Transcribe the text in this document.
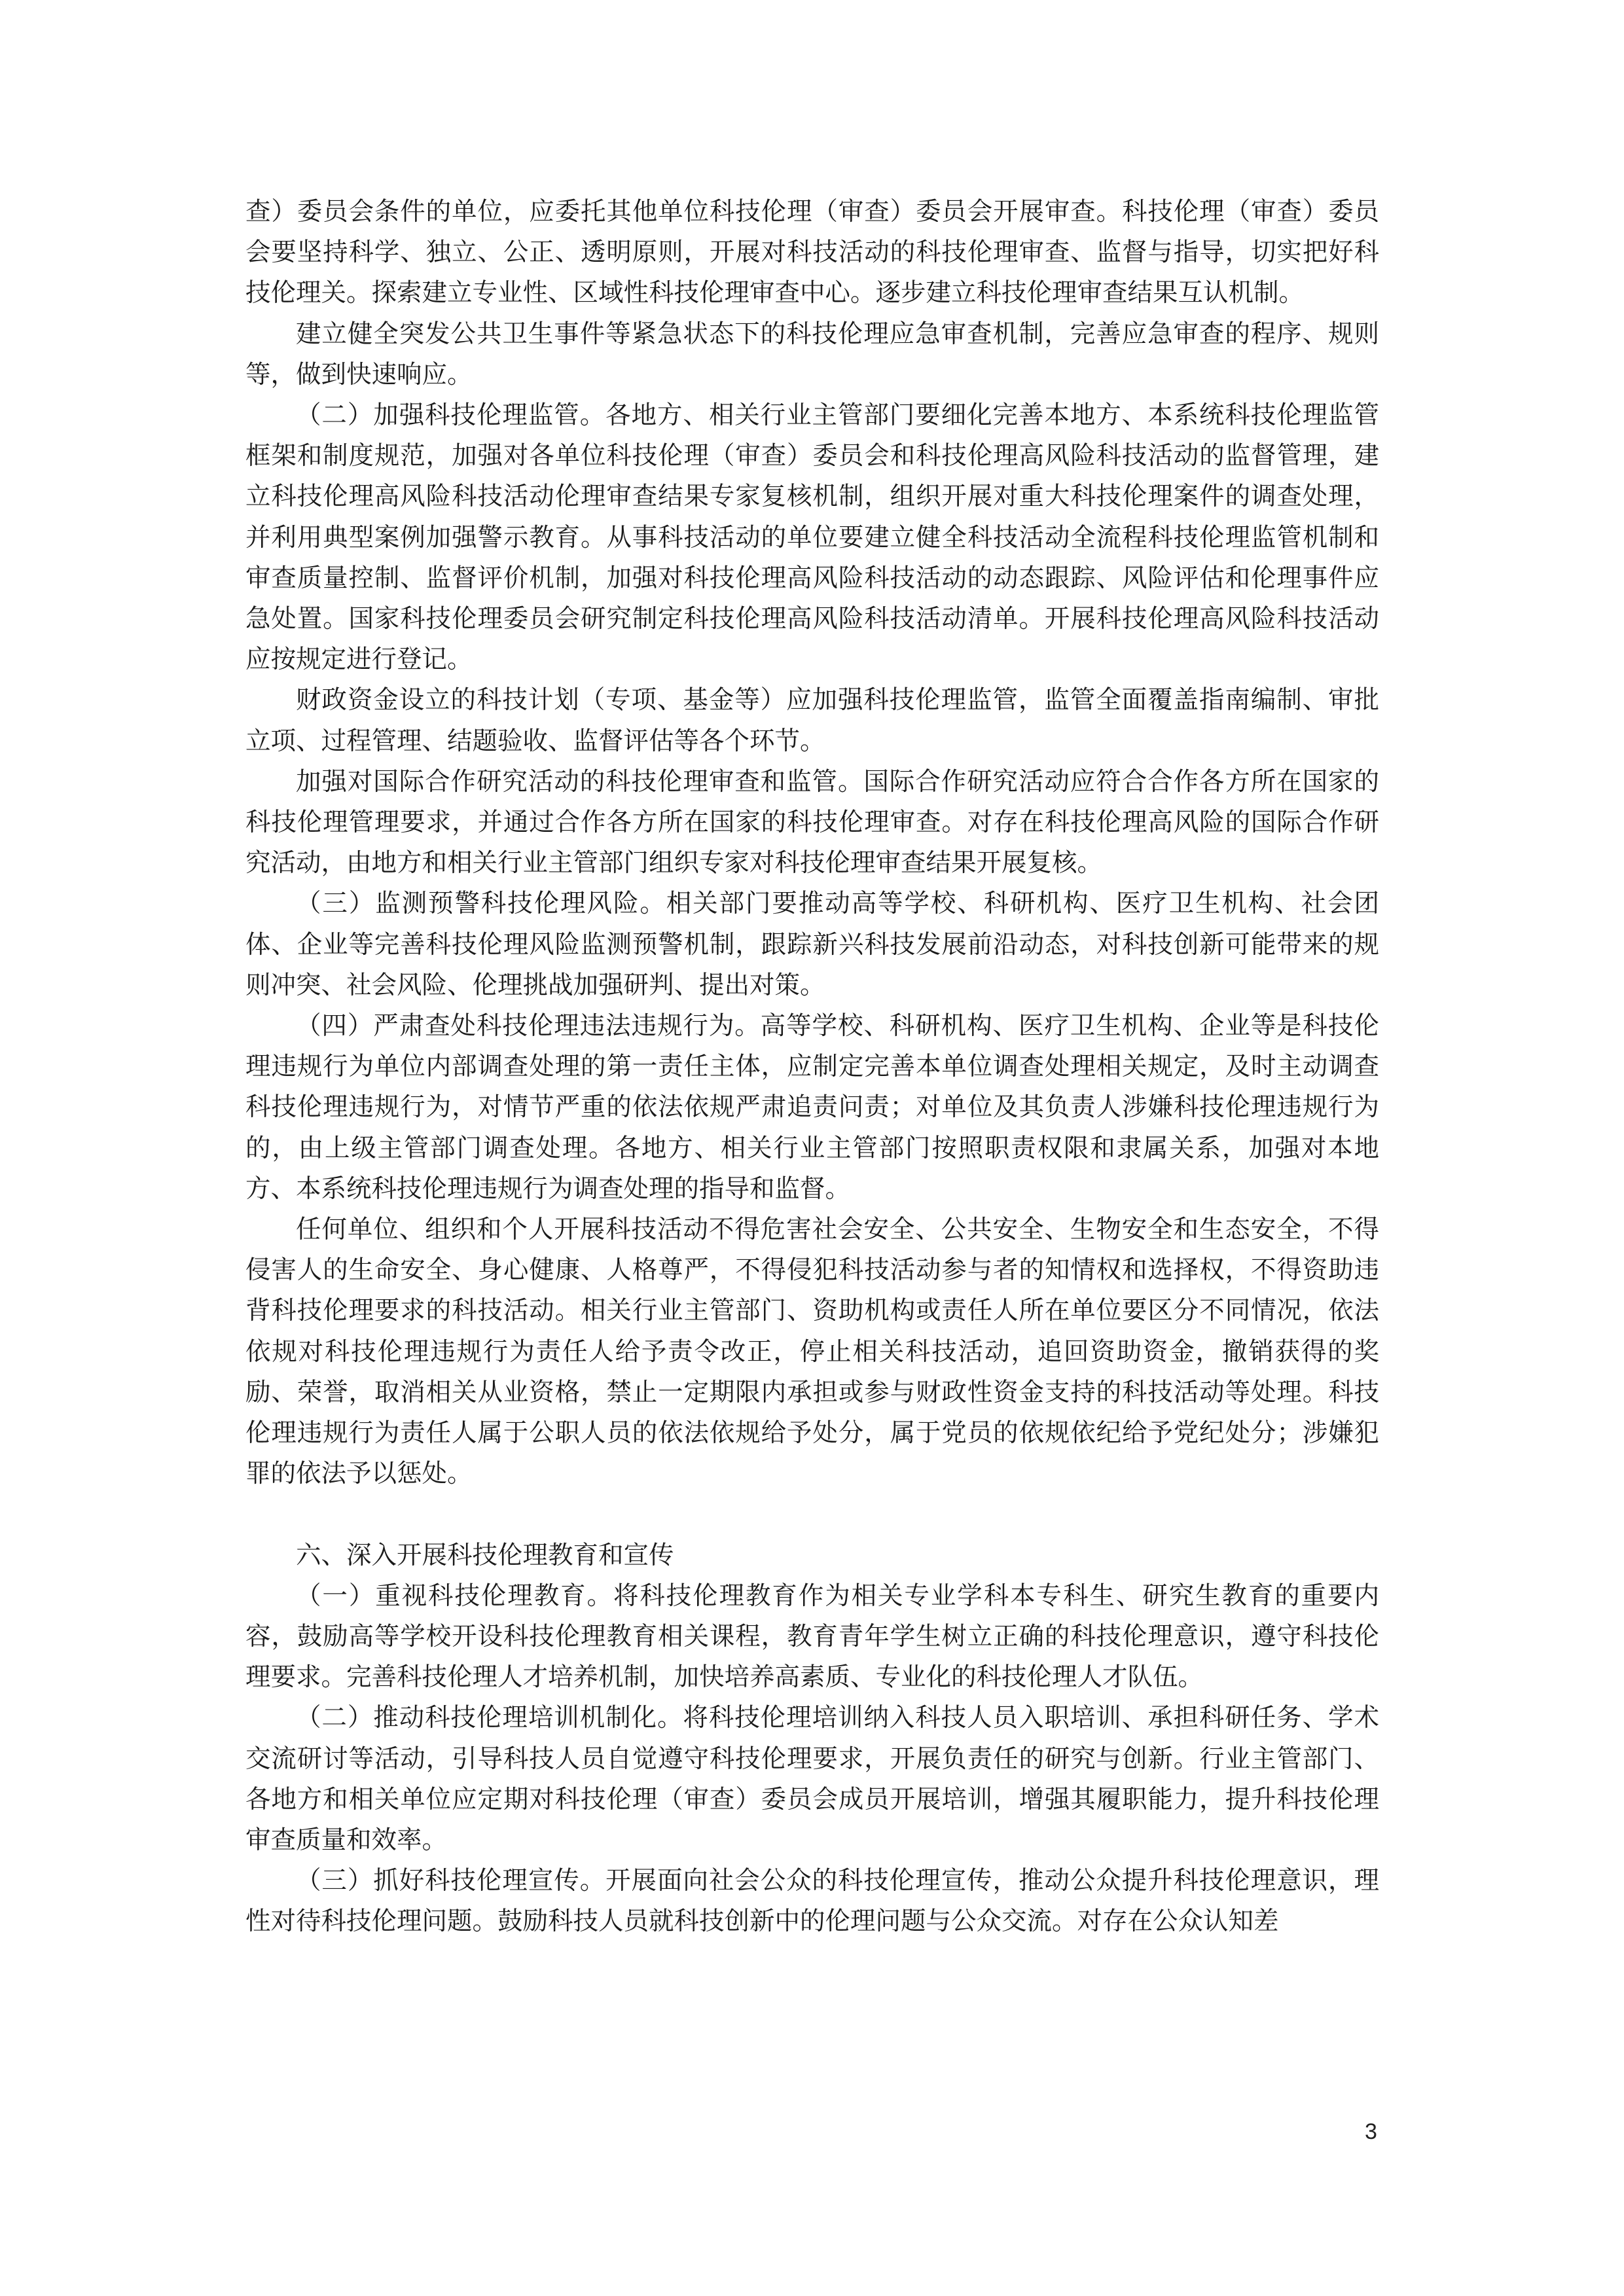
查）委员会条件的单位，应委托其他单位科技伦理（审查）委员会开展审查。科技伦理（审查）委员会要坚持科学、独立、公正、透明原则，开展对科技活动的科技伦理审查、监督与指导，切实把好科技伦理关。探索建立专业性、区域性科技伦理审查中心。逐步建立科技伦理审查结果互认机制。

建立健全突发公共卫生事件等紧急状态下的科技伦理应急审查机制，完善应急审查的程序、规则等，做到快速响应。

（二）加强科技伦理监管。各地方、相关行业主管部门要细化完善本地方、本系统科技伦理监管框架和制度规范，加强对各单位科技伦理（审查）委员会和科技伦理高风险科技活动的监督管理，建立科技伦理高风险科技活动伦理审查结果专家复核机制，组织开展对重大科技伦理案件的调查处理，并利用典型案例加强警示教育。从事科技活动的单位要建立健全科技活动全流程科技伦理监管机制和审查质量控制、监督评价机制，加强对科技伦理高风险科技活动的动态跟踪、风险评估和伦理事件应急处置。国家科技伦理委员会研究制定科技伦理高风险科技活动清单。开展科技伦理高风险科技活动应按规定进行登记。

财政资金设立的科技计划（专项、基金等）应加强科技伦理监管，监管全面覆盖指南编制、审批立项、过程管理、结题验收、监督评估等各个环节。

加强对国际合作研究活动的科技伦理审查和监管。国际合作研究活动应符合合作各方所在国家的科技伦理管理要求，并通过合作各方所在国家的科技伦理审查。对存在科技伦理高风险的国际合作研究活动，由地方和相关行业主管部门组织专家对科技伦理审查结果开展复核。

（三）监测预警科技伦理风险。相关部门要推动高等学校、科研机构、医疗卫生机构、社会团体、企业等完善科技伦理风险监测预警机制，跟踪新兴科技发展前沿动态，对科技创新可能带来的规则冲突、社会风险、伦理挑战加强研判、提出对策。

（四）严肃查处科技伦理违法违规行为。高等学校、科研机构、医疗卫生机构、企业等是科技伦理违规行为单位内部调查处理的第一责任主体，应制定完善本单位调查处理相关规定，及时主动调查科技伦理违规行为，对情节严重的依法依规严肃追责问责；对单位及其负责人涉嫌科技伦理违规行为的，由上级主管部门调查处理。各地方、相关行业主管部门按照职责权限和隶属关系，加强对本地方、本系统科技伦理违规行为调查处理的指导和监督。

任何单位、组织和个人开展科技活动不得危害社会安全、公共安全、生物安全和生态安全，不得侵害人的生命安全、身心健康、人格尊严，不得侵犯科技活动参与者的知情权和选择权，不得资助违背科技伦理要求的科技活动。相关行业主管部门、资助机构或责任人所在单位要区分不同情况，依法依规对科技伦理违规行为责任人给予责令改正，停止相关科技活动，追回资助资金，撤销获得的奖励、荣誉，取消相关从业资格，禁止一定期限内承担或参与财政性资金支持的科技活动等处理。科技伦理违规行为责任人属于公职人员的依法依规给予处分，属于党员的依规依纪给予党纪处分；涉嫌犯罪的依法予以惩处。

六、深入开展科技伦理教育和宣传

（一）重视科技伦理教育。将科技伦理教育作为相关专业学科本专科生、研究生教育的重要内容，鼓励高等学校开设科技伦理教育相关课程，教育青年学生树立正确的科技伦理意识，遵守科技伦理要求。完善科技伦理人才培养机制，加快培养高素质、专业化的科技伦理人才队伍。

（二）推动科技伦理培训机制化。将科技伦理培训纳入科技人员入职培训、承担科研任务、学术交流研讨等活动，引导科技人员自觉遵守科技伦理要求，开展负责任的研究与创新。行业主管部门、各地方和相关单位应定期对科技伦理（审查）委员会成员开展培训，增强其履职能力，提升科技伦理审查质量和效率。

（三）抓好科技伦理宣传。开展面向社会公众的科技伦理宣传，推动公众提升科技伦理意识，理性对待科技伦理问题。鼓励科技人员就科技创新中的伦理问题与公众交流。对存在公众认知差

3
